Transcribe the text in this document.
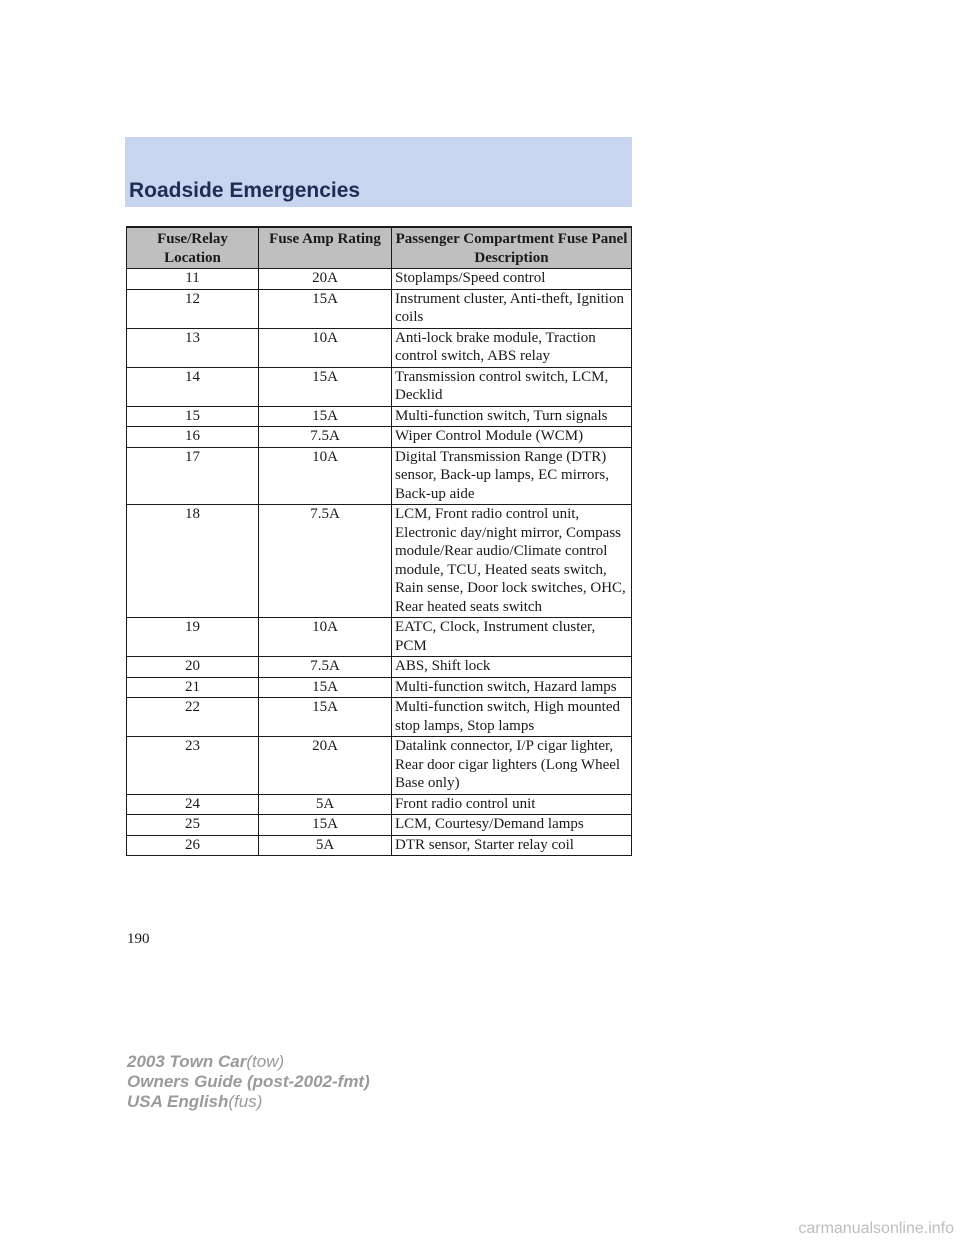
Roadside Emergencies
Fuse/Relay Location	Fuse Amp Rating	Passenger Compartment Fuse Panel Description
11	20A	Stoplamps/Speed control
12	15A	Instrument cluster, Anti-theft, Ignition coils
13	10A	Anti-lock brake module, Traction control switch, ABS relay
14	15A	Transmission control switch, LCM, Decklid
15	15A	Multi-function switch, Turn signals
16	7.5A	Wiper Control Module (WCM)
17	10A	Digital Transmission Range (DTR) sensor, Back-up lamps, EC mirrors, Back-up aide
18	7.5A	LCM, Front radio control unit, Electronic day/night mirror, Compass module/Rear audio/Climate control module, TCU, Heated seats switch, Rain sense, Door lock switches, OHC, Rear heated seats switch
19	10A	EATC, Clock, Instrument cluster, PCM
20	7.5A	ABS, Shift lock
21	15A	Multi-function switch, Hazard lamps
22	15A	Multi-function switch, High mounted stop lamps, Stop lamps
23	20A	Datalink connector, I/P cigar lighter, Rear door cigar lighters (Long Wheel Base only)
24	5A	Front radio control unit
25	15A	LCM, Courtesy/Demand lamps
26	5A	DTR sensor, Starter relay coil
190
2003 Town Car(tow)
Owners Guide (post-2002-fmt)
USA English(fus)
carmanualsonline.info
